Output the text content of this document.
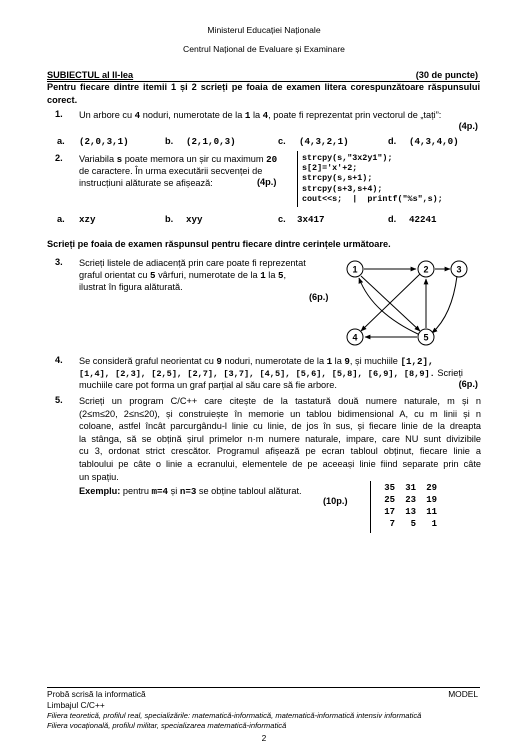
Ministerul Educației Naționale
Centrul Național de Evaluare și Examinare
SUBIECTUL al II-lea	(30 de puncte)
Pentru fiecare dintre itemii 1 și 2 scrieți pe foaia de examen litera corespunzătoare răspunsului corect.
1. Un arbore cu 4 noduri, numerotate de la 1 la 4, poate fi reprezentat prin vectorul de „tați”:
(4p.)
a. (2,0,3,1)	b. (2,1,0,3)	c. (4,3,2,1)	d. (4,3,4,0)
2. Variabila s poate memora un șir cu maximum 20
de caractere. În urma executării secvenței de
instrucțiuni alăturate se afișează:	(4p.)
strcpy(s,"3x2y1");
s[2]='x'+2;
strcpy(s,s+1);
strcpy(s+3,s+4);
cout<<s;  |  printf("%s",s);
a. xzy	b. xyy	c. 3x417	d. 42241
Scrieți pe foaia de examen răspunsul pentru fiecare dintre cerințele următoare.
3. Scrieți listele de adiacență prin care poate fi reprezentat
graful orientat cu 5 vârfuri, numerotate de la 1 la 5,
ilustrat în figura alăturată.
(6p.)
1	2	3
4	5
4. Se consideră graful neorientat cu 9 noduri, numerotate de la 1 la 9, și muchiile [1,2],
[1,4], [2,3], [2,5], [2,7], [3,7], [4,5], [5,6], [5,8], [6,9], [8,9]. Scrieți
muchiile care pot forma un graf parțial al său care să fie arbore.	(6p.)
5. Scrieți un program C/C++ care citește de la tastatură două numere naturale, m și n
(2≤m≤20, 2≤n≤20), și construiește în memorie un tablou bidimensional A, cu m linii și n
coloane, astfel încât parcurgându-l linie cu linie, de jos în sus, și fiecare linie de la dreapta
la stânga, să se obțină șirul primelor n·m numere naturale, impare, care NU sunt divizibile
cu 3, ordonat strict crescător. Programul afișează pe ecran tabloul obținut, fiecare linie a
tabloului pe câte o linie a ecranului, elementele de pe aceeași linie fiind separate prin câte
un spațiu.
Exemplu: pentru m=4 și n=3 se obține tabloul alăturat.
(10p.)
35 31 29
25 23 19
17 13 11
7 5 1
Probă scrisă la informatică	MODEL
Limbajul C/C++
Filiera teoretică, profilul real, specializările: matematică-informatică, matematică-informatică intensiv informatică
Filiera vocațională, profilul militar, specializarea matematică-informatică
2
